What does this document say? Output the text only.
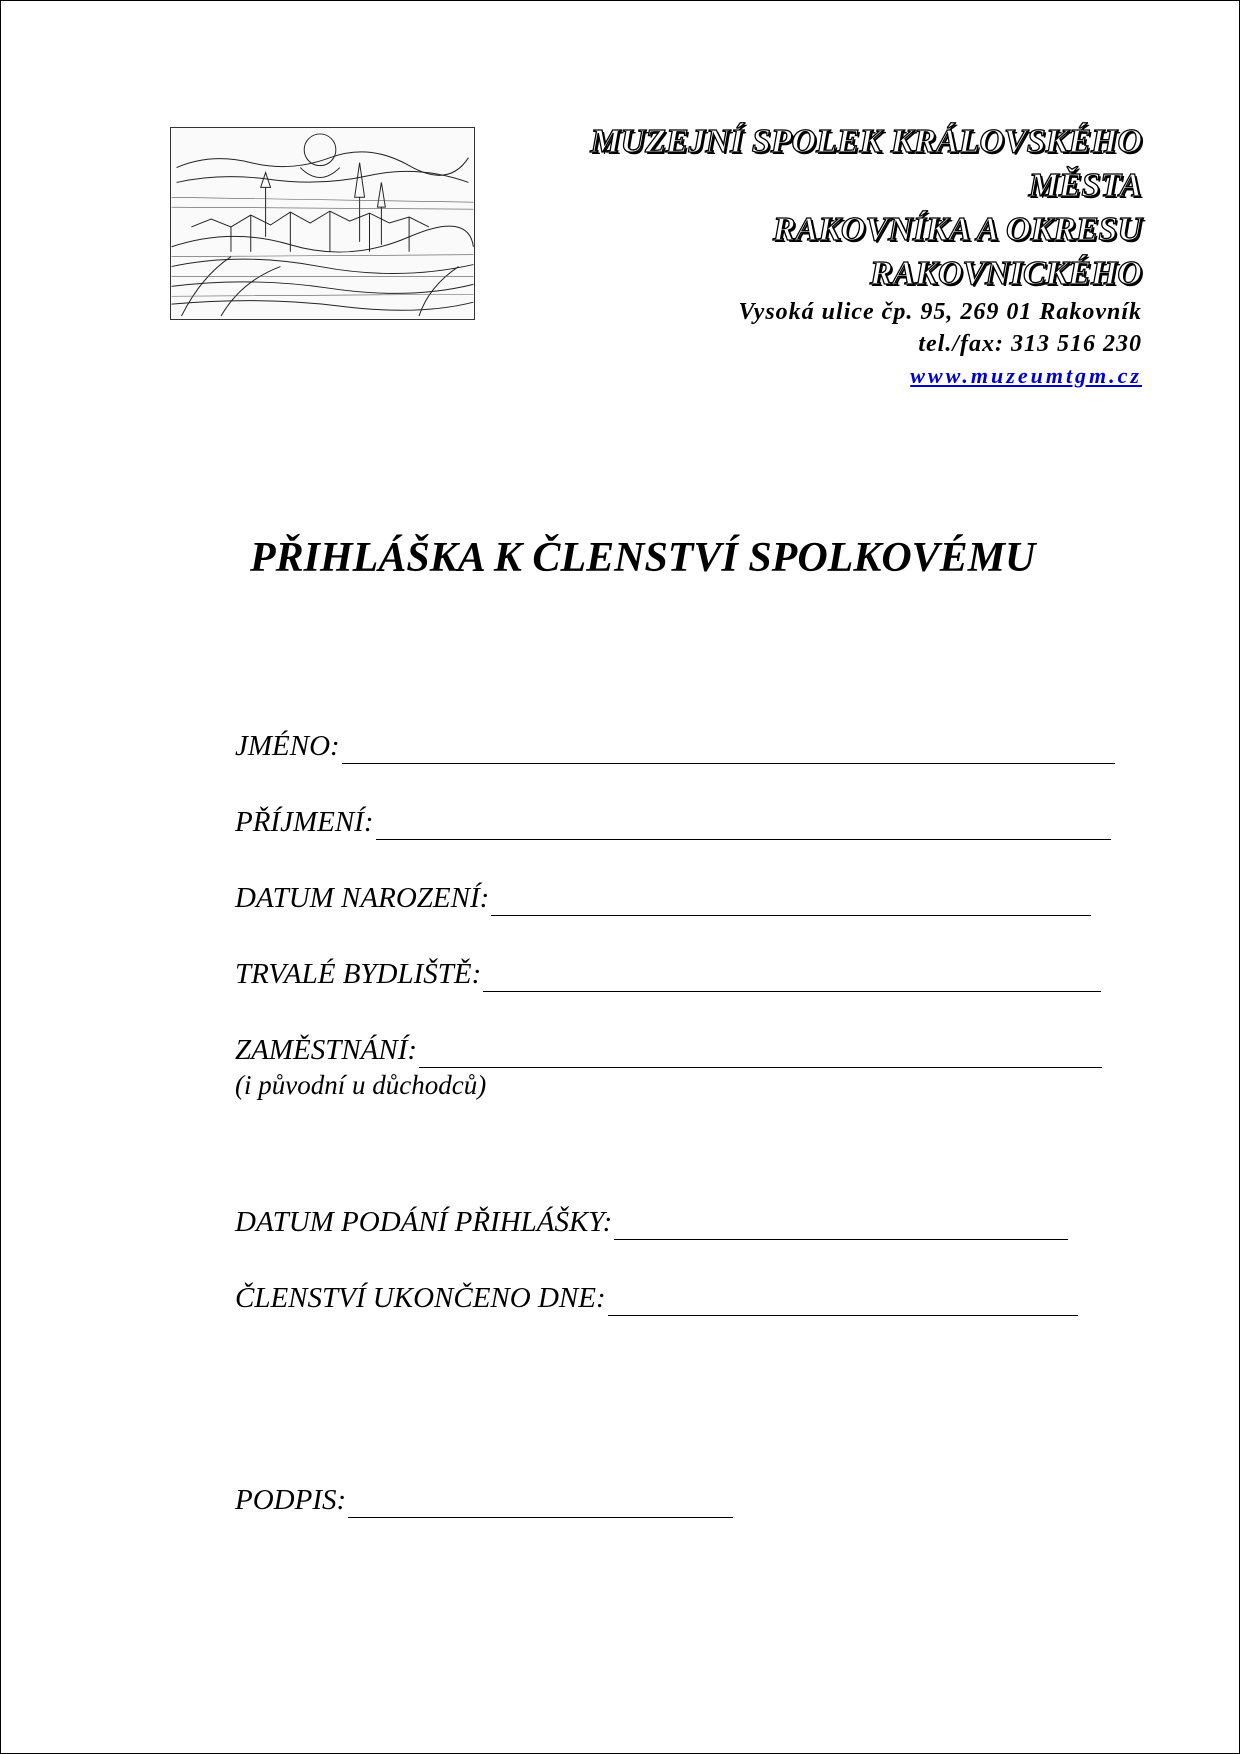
MUZEJNÍ SPOLEK KRÁLOVSKÉHO
MĚSTA
RAKOVNÍKA A OKRESU
RAKOVNICKÉHO
Vysoká ulice čp. 95, 269 01 Rakovník
tel./fax: 313 516 230
www.muzeumtgm.cz
PŘIHLÁŠKA K ČLENSTVÍ SPOLKOVÉMU
JMÉNO:
PŘÍJMENÍ:
DATUM NAROZENÍ:
TRVALÉ BYDLIŠTĚ:
ZAMĚSTNÁNÍ:
(i původní u důchodců)
DATUM PODÁNÍ PŘIHLÁŠKY:
ČLENSTVÍ UKONČENO DNE:
PODPIS:
